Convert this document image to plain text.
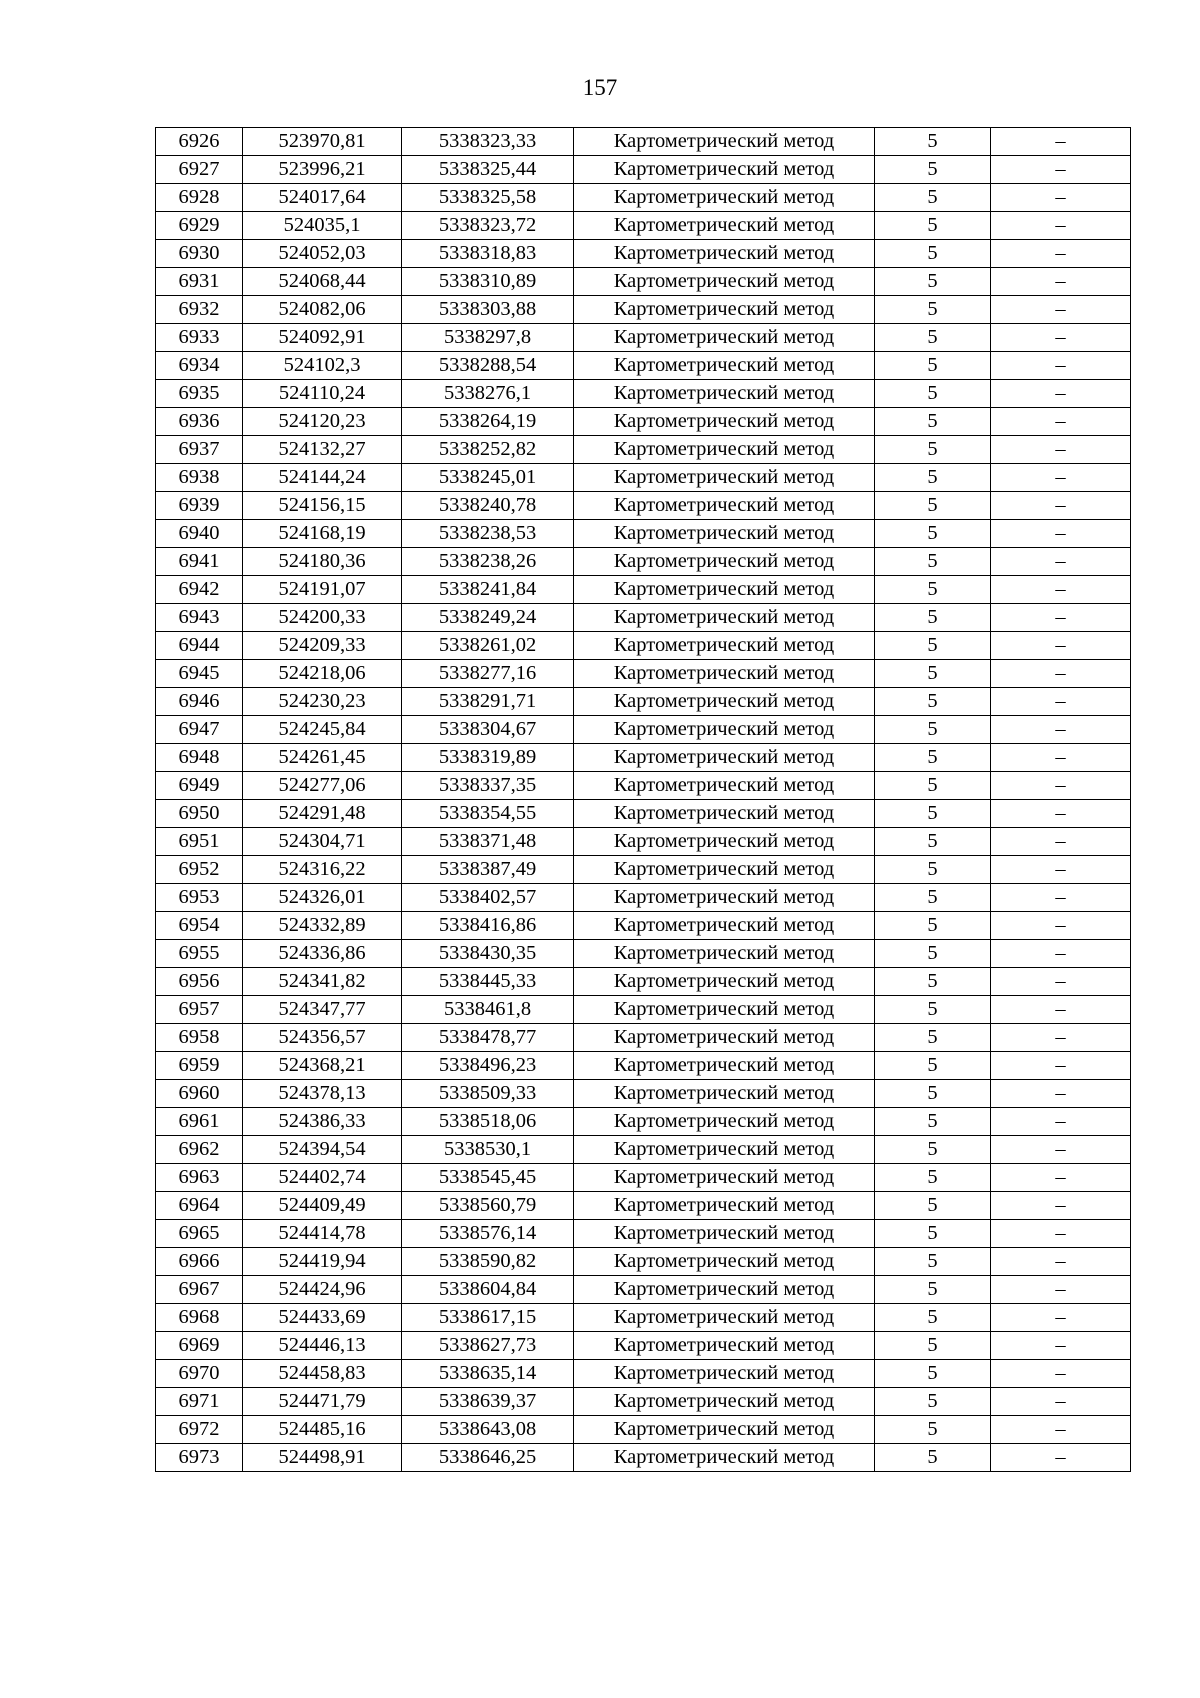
157
6926	523970,81	5338323,33	Картометрический метод	5	–
6927	523996,21	5338325,44	Картометрический метод	5	–
6928	524017,64	5338325,58	Картометрический метод	5	–
6929	524035,1	5338323,72	Картометрический метод	5	–
6930	524052,03	5338318,83	Картометрический метод	5	–
6931	524068,44	5338310,89	Картометрический метод	5	–
6932	524082,06	5338303,88	Картометрический метод	5	–
6933	524092,91	5338297,8	Картометрический метод	5	–
6934	524102,3	5338288,54	Картометрический метод	5	–
6935	524110,24	5338276,1	Картометрический метод	5	–
6936	524120,23	5338264,19	Картометрический метод	5	–
6937	524132,27	5338252,82	Картометрический метод	5	–
6938	524144,24	5338245,01	Картометрический метод	5	–
6939	524156,15	5338240,78	Картометрический метод	5	–
6940	524168,19	5338238,53	Картометрический метод	5	–
6941	524180,36	5338238,26	Картометрический метод	5	–
6942	524191,07	5338241,84	Картометрический метод	5	–
6943	524200,33	5338249,24	Картометрический метод	5	–
6944	524209,33	5338261,02	Картометрический метод	5	–
6945	524218,06	5338277,16	Картометрический метод	5	–
6946	524230,23	5338291,71	Картометрический метод	5	–
6947	524245,84	5338304,67	Картометрический метод	5	–
6948	524261,45	5338319,89	Картометрический метод	5	–
6949	524277,06	5338337,35	Картометрический метод	5	–
6950	524291,48	5338354,55	Картометрический метод	5	–
6951	524304,71	5338371,48	Картометрический метод	5	–
6952	524316,22	5338387,49	Картометрический метод	5	–
6953	524326,01	5338402,57	Картометрический метод	5	–
6954	524332,89	5338416,86	Картометрический метод	5	–
6955	524336,86	5338430,35	Картометрический метод	5	–
6956	524341,82	5338445,33	Картометрический метод	5	–
6957	524347,77	5338461,8	Картометрический метод	5	–
6958	524356,57	5338478,77	Картометрический метод	5	–
6959	524368,21	5338496,23	Картометрический метод	5	–
6960	524378,13	5338509,33	Картометрический метод	5	–
6961	524386,33	5338518,06	Картометрический метод	5	–
6962	524394,54	5338530,1	Картометрический метод	5	–
6963	524402,74	5338545,45	Картометрический метод	5	–
6964	524409,49	5338560,79	Картометрический метод	5	–
6965	524414,78	5338576,14	Картометрический метод	5	–
6966	524419,94	5338590,82	Картометрический метод	5	–
6967	524424,96	5338604,84	Картометрический метод	5	–
6968	524433,69	5338617,15	Картометрический метод	5	–
6969	524446,13	5338627,73	Картометрический метод	5	–
6970	524458,83	5338635,14	Картометрический метод	5	–
6971	524471,79	5338639,37	Картометрический метод	5	–
6972	524485,16	5338643,08	Картометрический метод	5	–
6973	524498,91	5338646,25	Картометрический метод	5	–
